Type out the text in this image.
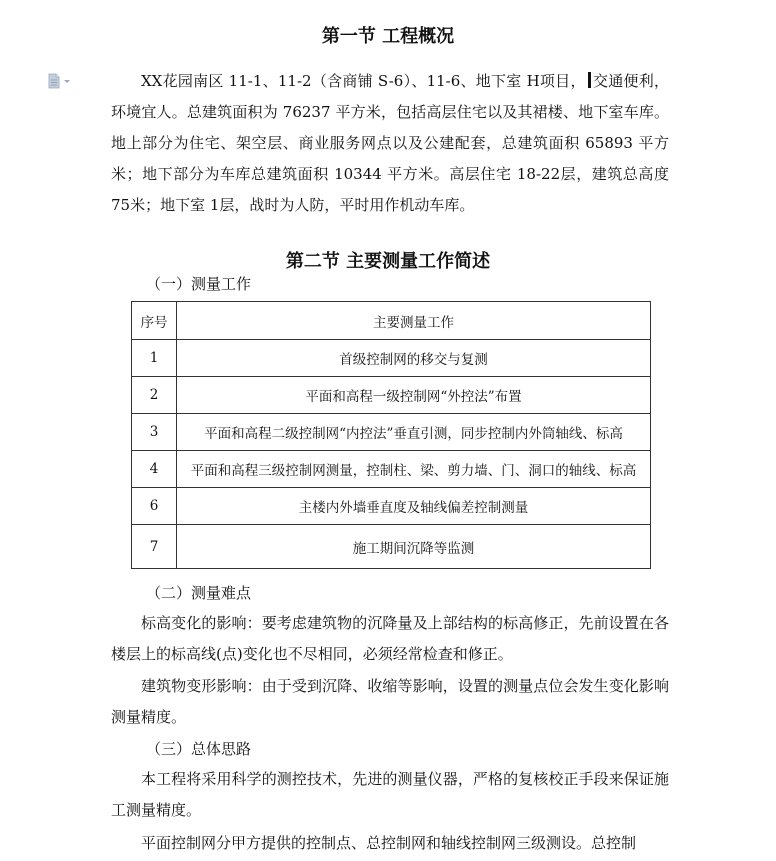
第一节 工程概况

XX花园南区 11-1、11-2（含商铺 S-6）、11-6、地下室 H项目， 交通便利，环境宜人。总建筑面积为 76237 平方米，包括高层住宅以及其裙楼、地下室车库。地上部分为住宅、架空层、商业服务网点以及公建配套，总建筑面积 65893 平方米；地下部分为车库总建筑面积 10344 平方米。高层住宅 18-22层，建筑总高度 75米；地下室 1层，战时为人防，平时用作机动车库。

第二节 主要测量工作简述

（一）测量工作

序号	主要测量工作
1	首级控制网的移交与复测
2	平面和高程一级控制网“外控法”布置
3	平面和高程二级控制网“内控法”垂直引测，同步控制内外筒轴线、标高
4	平面和高程三级控制网测量，控制柱、梁、剪力墙、门、洞口的轴线、标高
6	主楼内外墙垂直度及轴线偏差控制测量
7	施工期间沉降等监测

（二）测量难点

标高变化的影响：要考虑建筑物的沉降量及上部结构的标高修正，先前设置在各楼层上的标高线(点)变化也不尽相同，必须经常检查和修正。

建筑物变形影响：由于受到沉降、收缩等影响，设置的测量点位会发生变化影响测量精度。

（三）总体思路

本工程将采用科学的测控技术，先进的测量仪器，严格的复核校正手段来保证施工测量精度。

平面控制网分甲方提供的控制点、总控制网和轴线控制网三级测设。总控制
